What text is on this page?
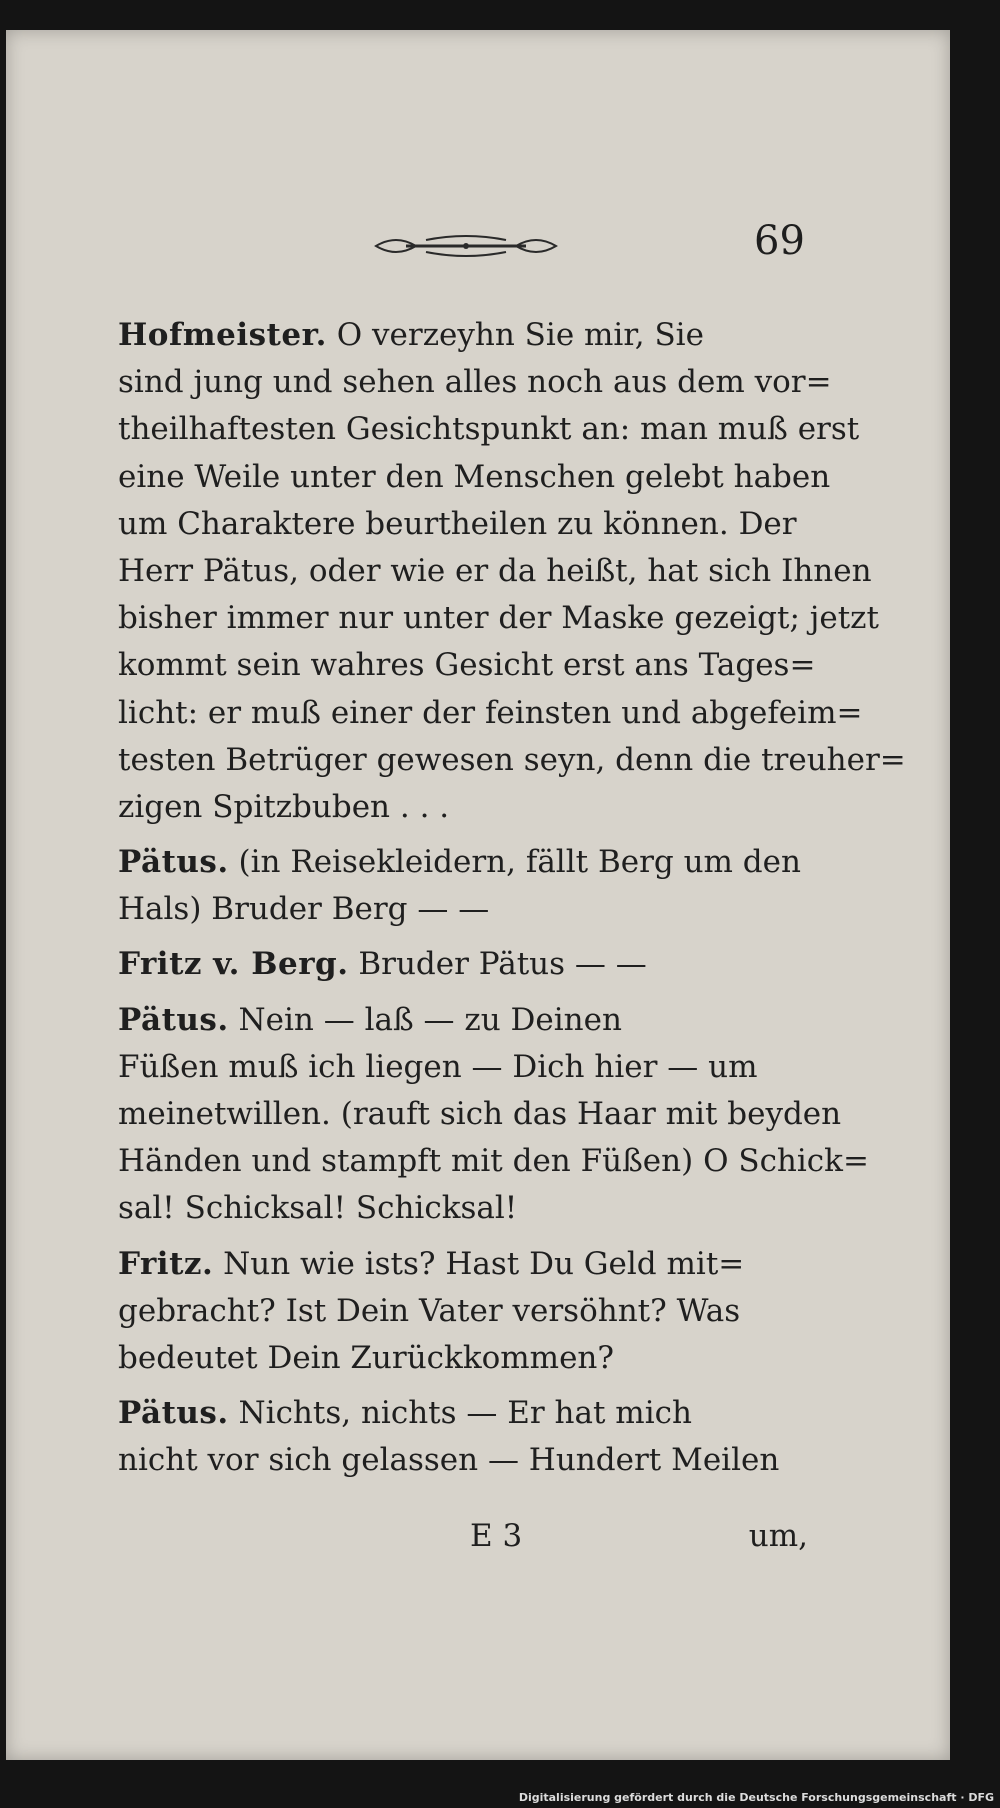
69
Hofmeister. O verzeyhn Sie mir, Sie
sind jung und sehen alles noch aus dem vor=
theilhaftesten Gesichtspunkt an: man muß erst
eine Weile unter den Menschen gelebt haben
um Charaktere beurtheilen zu können. Der
Herr Pätus, oder wie er da heißt, hat sich Ihnen
bisher immer nur unter der Maske gezeigt; jetzt
kommt sein wahres Gesicht erst ans Tages=
licht: er muß einer der feinsten und abgefeim=
testen Betrüger gewesen seyn, denn die treuher=
zigen Spitzbuben . . .
Pätus. (in Reisekleidern, fällt Berg um den
Hals) Bruder Berg — —
Fritz v. Berg. Bruder Pätus — —
Pätus. Nein — laß — zu Deinen
Füßen muß ich liegen — Dich hier — um
meinetwillen. (rauft sich das Haar mit beyden
Händen und stampft mit den Füßen) O Schick=
sal! Schicksal! Schicksal!
Fritz. Nun wie ists? Hast Du Geld mit=
gebracht? Ist Dein Vater versöhnt? Was
bedeutet Dein Zurückkommen?
Pätus. Nichts, nichts — Er hat mich
nicht vor sich gelassen — Hundert Meilen
E 3	um,
Digitalisierung gefördert durch die Deutsche Forschungsgemeinschaft · DFG
